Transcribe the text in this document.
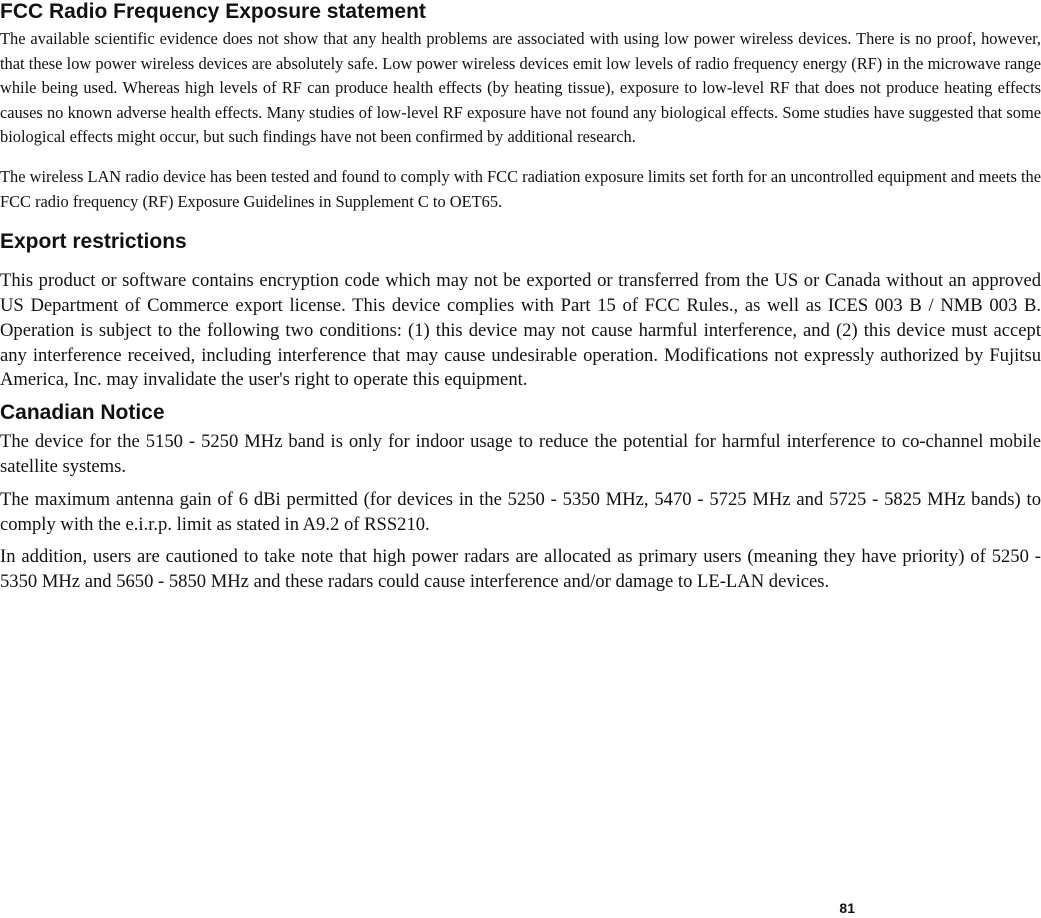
FCC Radio Frequency Exposure statement

The available scientific evidence does not show that any health problems are associated with using low power wireless devices. There is no proof, however, that these low power wireless devices are absolutely safe. Low power wireless devices emit low levels of radio frequency energy (RF) in the microwave range while being used. Whereas high levels of RF can produce health effects (by heating tissue), exposure to low-level RF that does not produce heating effects causes no known adverse health effects. Many studies of low-level RF exposure have not found any biological effects. Some studies have suggested that some biological effects might occur, but such findings have not been confirmed by additional research.

The wireless LAN radio device has been tested and found to comply with FCC radiation exposure limits set forth for an uncontrolled equipment and meets the FCC radio frequency (RF) Exposure Guidelines in Supplement C to OET65.

Export restrictions

This product or software contains encryption code which may not be exported or transferred from the US or Canada without an approved US Department of Commerce export license. This device complies with Part 15 of FCC Rules., as well as ICES 003 B / NMB 003 B. Operation is subject to the following two conditions: (1) this device may not cause harmful interference, and (2) this device must accept any interference received, including interference that may cause undesirable operation. Modifications not expressly authorized by Fujitsu America, Inc. may invalidate the user's right to operate this equipment.

Canadian Notice

The device for the 5150 - 5250 MHz band is only for indoor usage to reduce the potential for harmful interference to co-channel mobile satellite systems.

The maximum antenna gain of 6 dBi permitted (for devices in the 5250 - 5350 MHz, 5470 - 5725 MHz and 5725 - 5825 MHz bands) to comply with the e.i.r.p. limit as stated in A9.2 of RSS210.

In addition, users are cautioned to take note that high power radars are allocated as primary users (meaning they have priority) of 5250 - 5350 MHz and 5650 - 5850 MHz and these radars could cause interference and/or damage to LE-LAN devices.

81
